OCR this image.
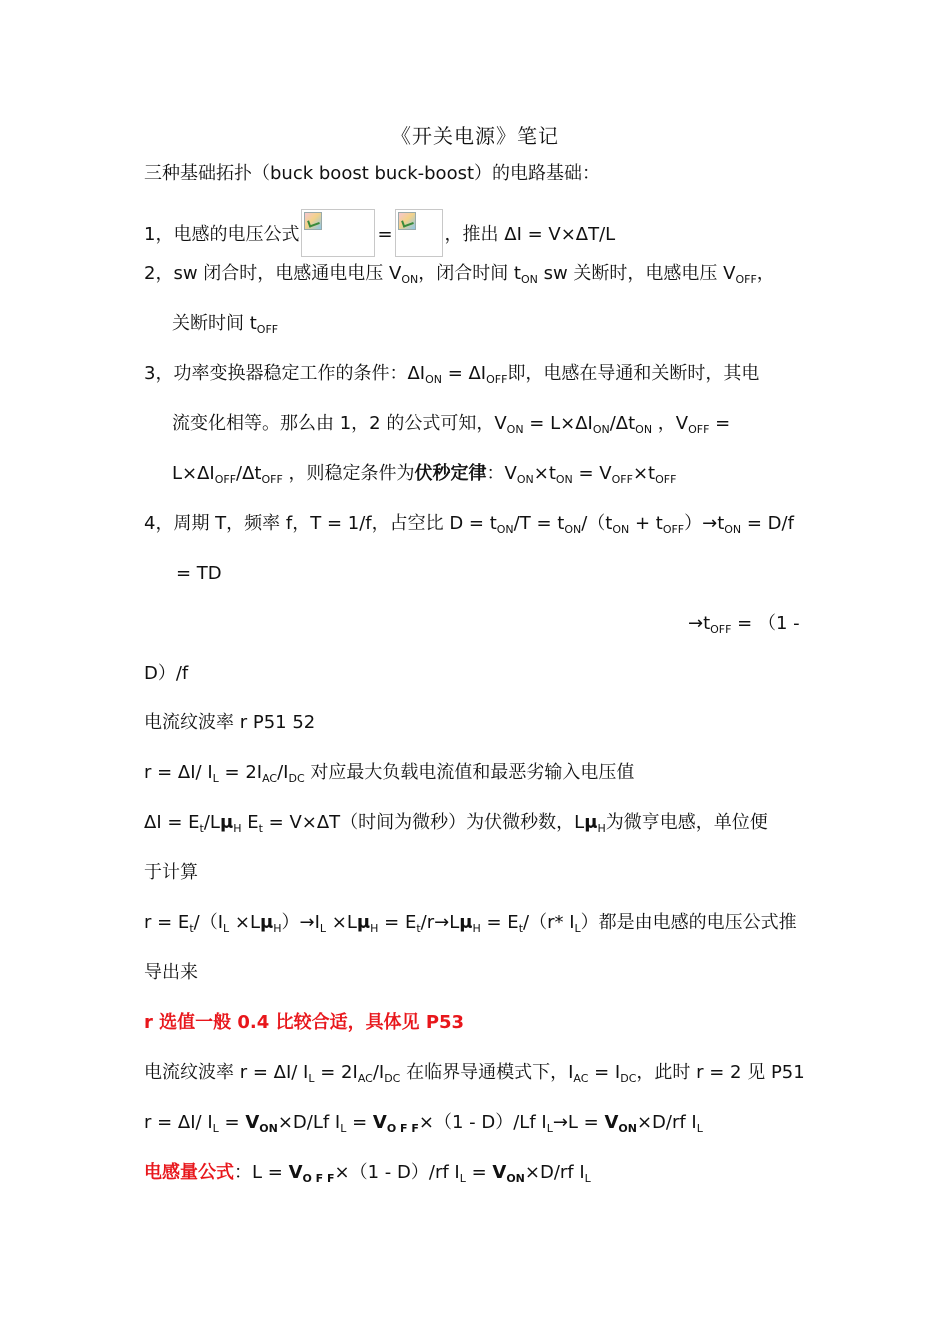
《开关电源》笔记
三种基础拓扑（buck boost buck-boost）的电路基础：
1，电感的电压公式	=	，推出 ΔI = V×ΔT/L
2，sw 闭合时，电感通电电压 $V_{ON}$，闭合时间 $t_{ON}$ sw 关断时，电感电压 $V_{OFF}$，
关断时间 $t_{OFF}$
3，功率变换器稳定工作的条件：$\Delta I_{ON} = \Delta I_{OFF}$即，电感在导通和关断时，其电
流变化相等。那么由 1，2 的公式可知，$V_{ON} = L\times\Delta I_{ON}/\Delta t_{ON}$ ，$V_{OFF}$ =
$L\times\Delta I_{OFF}/\Delta t_{OFF}$ ，则稳定条件为伏秒定律：$V_{ON}\times t_{ON} = V_{OFF}\times t_{OFF}$
4，周期 T，频率 f，T = 1/f，占空比 $D = t_{ON}/T = t_{ON}/(t_{ON} + t_{OFF})\to t_{ON} = D/f$
= TD
$\to t_{OFF} = (1$ -
D）/f
电流纹波率 r P51 52
r = ΔI/ $I_L = 2I_{AC}/I_{DC}$ 对应最大负载电流值和最恶劣输入电压值
$\Delta I = E_t/L\mu_H$ $E_t = V\times\Delta T$（时间为微秒）为伏微秒数，$L\mu_H$为微亨电感，单位便
于计算
$r = E_t/(I_L \times L\mu_H)\to I_L \times L\mu_H = E_t/r\to L\mu_H = E_t/(r*$ $I_L$）都是由电感的电压公式推
导出来
r 选值一般 0.4 比较合适，具体见 P53
电流纹波率 r = ΔI/ $I_L = 2I_{AC}/I_{DC}$ 在临界导通模式下，$I_{AC} = I_{DC}$，此时 r = 2 见 P51
r = ΔI/ $I_L = V_{ON}\times D/Lf$ $I_L = V_{O F F}\times(1 - D)/Lf$ $I_L\to L = V_{ON}\times D/rf$ $I_L$
电感量公式：$L = V_{O F F}\times(1 - D)/rf$ $I_L = V_{ON}\times D/rf$ $I_L$
